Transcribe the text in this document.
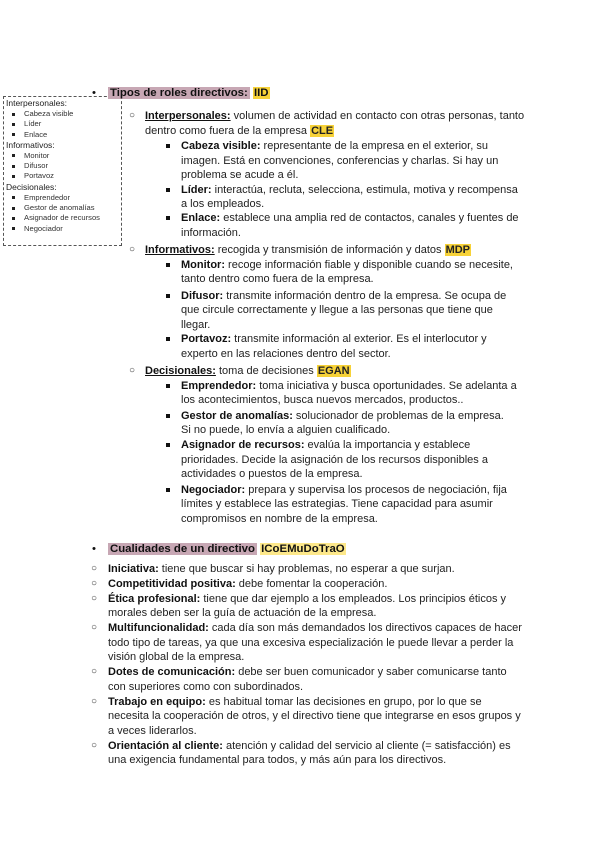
Interpersonales:
Cabeza visible
Líder
Enlace
Informativos:
Monitor
Difusor
Portavoz
Decisionales:
Emprendedor
Gestor de anomalías
Asignador de recursos
Negociador
• Tipos de roles directivos: IID
○ Interpersonales: volumen de actividad en contacto con otras personas, tanto
dentro como fuera de la empresa CLE
Cabeza visible: representante de la empresa en el exterior, su
imagen. Está en convenciones, conferencias y charlas. Si hay un
problema se acude a él.
Líder: interactúa, recluta, selecciona, estimula, motiva y recompensa
a los empleados.
Enlace: establece una amplia red de contactos, canales y fuentes de
información.
○ Informativos: recogida y transmisión de información y datos MDP
Monitor: recoge información fiable y disponible cuando se necesite,
tanto dentro como fuera de la empresa.
Difusor: transmite información dentro de la empresa. Se ocupa de
que circule correctamente y llegue a las personas que tiene que
llegar.
Portavoz: transmite información al exterior. Es el interlocutor y
experto en las relaciones dentro del sector.
○ Decisionales: toma de decisiones EGAN
Emprendedor: toma iniciativa y busca oportunidades. Se adelanta a
los acontecimientos, busca nuevos mercados, productos..
Gestor de anomalías: solucionador de problemas de la empresa.
Si no puede, lo envía a alguien cualificado.
Asignador de recursos: evalúa la importancia y establece
prioridades. Decide la asignación de los recursos disponibles a
actividades o puestos de la empresa.
Negociador: prepara y supervisa los procesos de negociación, fija
límites y establece las estrategias. Tiene capacidad para asumir
compromisos en nombre de la empresa.
• Cualidades de un directivo ICoEMuDoTraO
○ Iniciativa: tiene que buscar si hay problemas, no esperar a que surjan.
○ Competitividad positiva: debe fomentar la cooperación.
○ Ética profesional: tiene que dar ejemplo a los empleados. Los principios éticos y
morales deben ser la guía de actuación de la empresa.
○ Multifuncionalidad: cada día son más demandados los directivos capaces de hacer
todo tipo de tareas, ya que una excesiva especialización le puede llevar a perder la
visión global de la empresa.
○ Dotes de comunicación: debe ser buen comunicador y saber comunicarse tanto
con superiores como con subordinados.
○ Trabajo en equipo: es habitual tomar las decisiones en grupo, por lo que se
necesita la cooperación de otros, y el directivo tiene que integrarse en esos grupos y
a veces liderarlos.
○ Orientación al cliente: atención y calidad del servicio al cliente (= satisfacción) es
una exigencia fundamental para todos, y más aún para los directivos.
